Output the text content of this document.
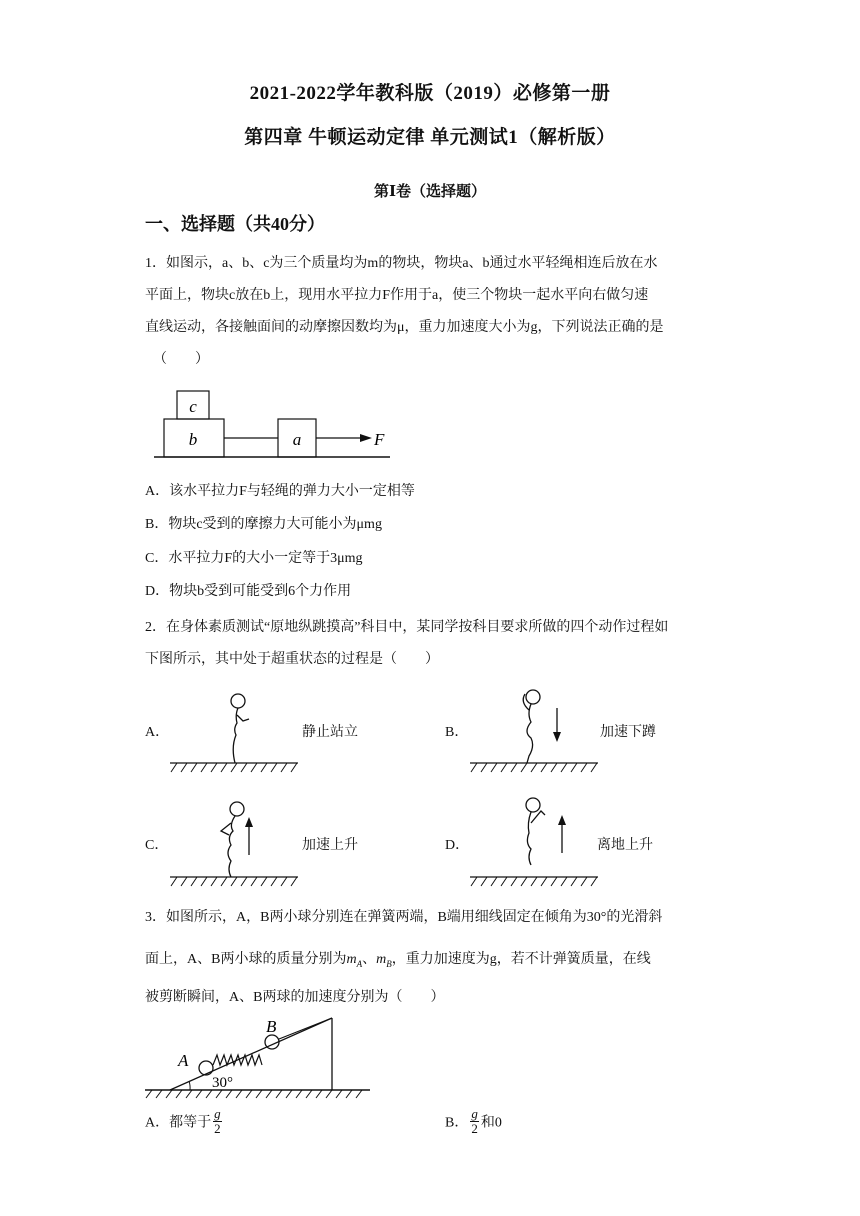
2021-2022学年教科版（2019）必修第一册
第四章 牛顿运动定律 单元测试1（解析版）
第Ⅰ卷（选择题）
一、选择题（共40分）
1．如图示，a、b、c为三个质量均为m的物块，物块a、b通过水平轻绳相连后放在水
平面上，物块c放在b上，现用水平拉力F作用于a，使三个物块一起水平向右做匀速
直线运动，各接触面间的动摩擦因数均为μ，重力加速度大小为g，下列说法正确的是
（　　）
c
b	a	F
A．该水平拉力F与轻绳的弹力大小一定相等
B．物块c受到的摩擦力大可能小为μmg
C．水平拉力F的大小一定等于3μmg
D．物块b受到可能受到6个力作用
2．在身体素质测试“原地纵跳摸高”科目中，某同学按科目要求所做的四个动作过程如
下图所示，其中处于超重状态的过程是（　　）
A．	静止站立	B．	加速下蹲
C．	加速上升	D．	离地上升
3．如图所示，A，B两小球分别连在弹簧两端，B端用细线固定在倾角为30°的光滑斜
面上，A、B两小球的质量分别为$m_A$、$m_B$，重力加速度为g，若不计弹簧质量，在线
被剪断瞬间，A、B两球的加速度分别为（　　）
A
B
30°
A．都等于 $\frac{g}{2}$	B． $\frac{g}{2}$ 和0
